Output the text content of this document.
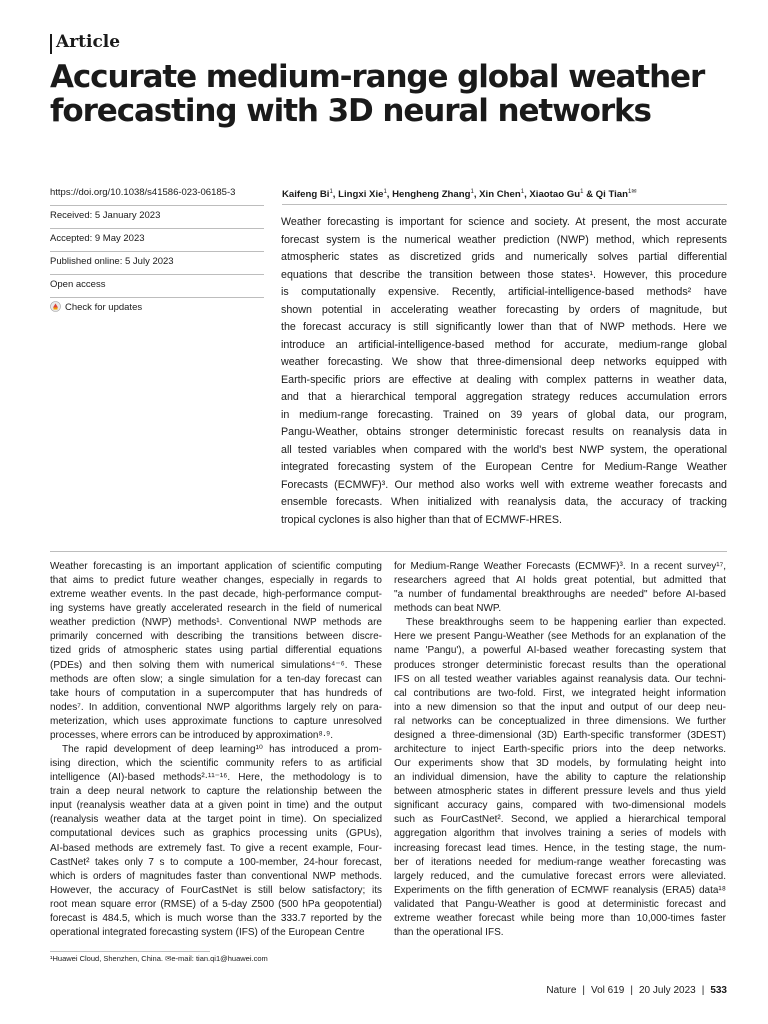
Article
Accurate medium-range global weather
forecasting with 3D neural networks
https://doi.org/10.1038/s41586-023-06185-3
Received: 5 January 2023
Accepted: 9 May 2023
Published online: 5 July 2023
Open access
Check for updates
Kaifeng Bi$^1$, Lingxi Xie$^1$, Hengheng Zhang$^1$, Xin Chen$^1$, Xiaotao Gu$^1$ & Qi Tian$^{1✉}$
Weather forecasting is important for science and society. At present, the most accurate
forecast system is the numerical weather prediction (NWP) method, which represents
atmospheric states as discretized grids and numerically solves partial differential
equations that describe the transition between those states¹. However, this procedure
is computationally expensive. Recently, artificial-intelligence-based methods² have
shown potential in accelerating weather forecasting by orders of magnitude, but
the forecast accuracy is still significantly lower than that of NWP methods. Here we
introduce an artificial-intelligence-based method for accurate, medium-range global
weather forecasting. We show that three-dimensional deep networks equipped with
Earth-specific priors are effective at dealing with complex patterns in weather data,
and that a hierarchical temporal aggregation strategy reduces accumulation errors
in medium-range forecasting. Trained on 39 years of global data, our program,
Pangu-Weather, obtains stronger deterministic forecast results on reanalysis data in
all tested variables when compared with the world's best NWP system, the operational
integrated forecasting system of the European Centre for Medium-Range Weather
Forecasts (ECMWF)³. Our method also works well with extreme weather forecasts and
ensemble forecasts. When initialized with reanalysis data, the accuracy of tracking
tropical cyclones is also higher than that of ECMWF-HRES.
Weather forecasting is an important application of scientific computing
that aims to predict future weather changes, especially in regards to
extreme weather events. In the past decade, high-performance comput-
ing systems have greatly accelerated research in the field of numerical
weather prediction (NWP) methods¹. Conventional NWP methods are
primarily concerned with describing the transitions between discre-
tized grids of atmospheric states using partial differential equations
(PDEs) and then solving them with numerical simulations⁴⁻⁶. These
methods are often slow; a single simulation for a ten-day forecast can
take hours of computation in a supercomputer that has hundreds of
nodes⁷. In addition, conventional NWP algorithms largely rely on para-
meterization, which uses approximate functions to capture unresolved
processes, where errors can be introduced by approximation⁸·⁹.
The rapid development of deep learning¹⁰ has introduced a prom-
ising direction, which the scientific community refers to as artificial
intelligence (AI)-based methods²·¹¹⁻¹⁶. Here, the methodology is to
train a deep neural network to capture the relationship between the
input (reanalysis weather data at a given point in time) and the output
(reanalysis weather data at the target point in time). On specialized
computational devices such as graphics processing units (GPUs),
AI-based methods are extremely fast. To give a recent example, Four-
CastNet² takes only 7 s to compute a 100-member, 24-hour forecast,
which is orders of magnitudes faster than conventional NWP methods.
However, the accuracy of FourCastNet is still below satisfactory; its
root mean square error (RMSE) of a 5-day Z500 (500 hPa geopotential)
forecast is 484.5, which is much worse than the 333.7 reported by the
operational integrated forecasting system (IFS) of the European Centre
for Medium-Range Weather Forecasts (ECMWF)³. In a recent survey¹⁷,
researchers agreed that AI holds great potential, but admitted that
"a number of fundamental breakthroughs are needed" before AI-based
methods can beat NWP.
These breakthroughs seem to be happening earlier than expected.
Here we present Pangu-Weather (see Methods for an explanation of the
name 'Pangu'), a powerful AI-based weather forecasting system that
produces stronger deterministic forecast results than the operational
IFS on all tested weather variables against reanalysis data. Our techni-
cal contributions are two-fold. First, we integrated height information
into a new dimension so that the input and output of our deep neu-
ral networks can be conceptualized in three dimensions. We further
designed a three-dimensional (3D) Earth-specific transformer (3DEST)
architecture to inject Earth-specific priors into the deep networks.
Our experiments show that 3D models, by formulating height into
an individual dimension, have the ability to capture the relationship
between atmospheric states in different pressure levels and thus yield
significant accuracy gains, compared with two-dimensional models
such as FourCastNet². Second, we applied a hierarchical temporal
aggregation algorithm that involves training a series of models with
increasing forecast lead times. Hence, in the testing stage, the num-
ber of iterations needed for medium-range weather forecasting was
largely reduced, and the cumulative forecast errors were alleviated.
Experiments on the fifth generation of ECMWF reanalysis (ERA5) data¹⁸
validated that Pangu-Weather is good at deterministic forecast and
extreme weather forecast while being more than 10,000-times faster
than the operational IFS.
¹Huawei Cloud, Shenzhen, China. ✉e-mail: tian.qi1@huawei.com
Nature | Vol 619 | 20 July 2023 | 533
